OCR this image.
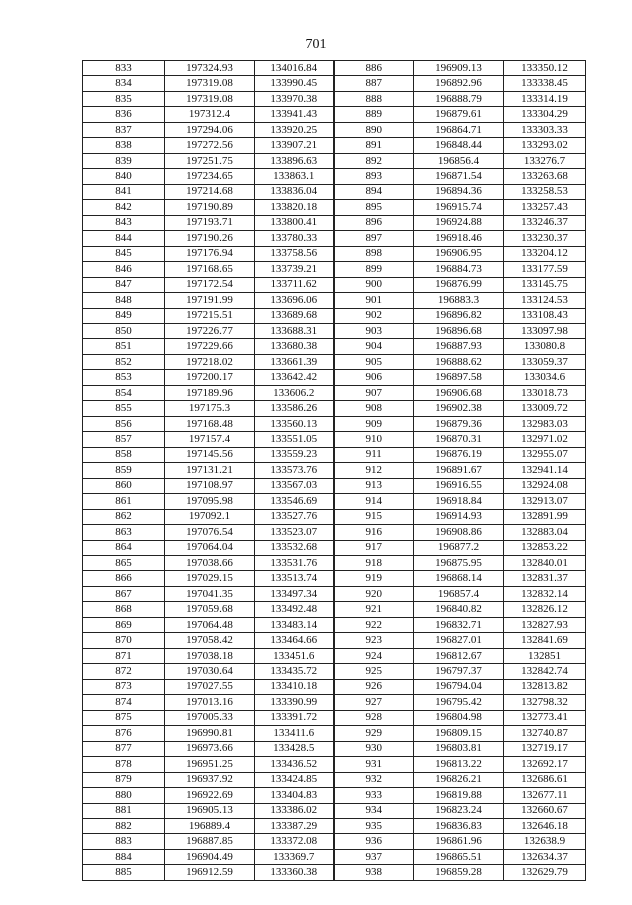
701
833	197324.93	134016.84	886	196909.13	133350.12
834	197319.08	133990.45	887	196892.96	133338.45
835	197319.08	133970.38	888	196888.79	133314.19
836	197312.4	133941.43	889	196879.61	133304.29
837	197294.06	133920.25	890	196864.71	133303.33
838	197272.56	133907.21	891	196848.44	133293.02
839	197251.75	133896.63	892	196856.4	133276.7
840	197234.65	133863.1	893	196871.54	133263.68
841	197214.68	133836.04	894	196894.36	133258.53
842	197190.89	133820.18	895	196915.74	133257.43
843	197193.71	133800.41	896	196924.88	133246.37
844	197190.26	133780.33	897	196918.46	133230.37
845	197176.94	133758.56	898	196906.95	133204.12
846	197168.65	133739.21	899	196884.73	133177.59
847	197172.54	133711.62	900	196876.99	133145.75
848	197191.99	133696.06	901	196883.3	133124.53
849	197215.51	133689.68	902	196896.82	133108.43
850	197226.77	133688.31	903	196896.68	133097.98
851	197229.66	133680.38	904	196887.93	133080.8
852	197218.02	133661.39	905	196888.62	133059.37
853	197200.17	133642.42	906	196897.58	133034.6
854	197189.96	133606.2	907	196906.68	133018.73
855	197175.3	133586.26	908	196902.38	133009.72
856	197168.48	133560.13	909	196879.36	132983.03
857	197157.4	133551.05	910	196870.31	132971.02
858	197145.56	133559.23	911	196876.19	132955.07
859	197131.21	133573.76	912	196891.67	132941.14
860	197108.97	133567.03	913	196916.55	132924.08
861	197095.98	133546.69	914	196918.84	132913.07
862	197092.1	133527.76	915	196914.93	132891.99
863	197076.54	133523.07	916	196908.86	132883.04
864	197064.04	133532.68	917	196877.2	132853.22
865	197038.66	133531.76	918	196875.95	132840.01
866	197029.15	133513.74	919	196868.14	132831.37
867	197041.35	133497.34	920	196857.4	132832.14
868	197059.68	133492.48	921	196840.82	132826.12
869	197064.48	133483.14	922	196832.71	132827.93
870	197058.42	133464.66	923	196827.01	132841.69
871	197038.18	133451.6	924	196812.67	132851
872	197030.64	133435.72	925	196797.37	132842.74
873	197027.55	133410.18	926	196794.04	132813.82
874	197013.16	133390.99	927	196795.42	132798.32
875	197005.33	133391.72	928	196804.98	132773.41
876	196990.81	133411.6	929	196809.15	132740.87
877	196973.66	133428.5	930	196803.81	132719.17
878	196951.25	133436.52	931	196813.22	132692.17
879	196937.92	133424.85	932	196826.21	132686.61
880	196922.69	133404.83	933	196819.88	132677.11
881	196905.13	133386.02	934	196823.24	132660.67
882	196889.4	133387.29	935	196836.83	132646.18
883	196887.85	133372.08	936	196861.96	132638.9
884	196904.49	133369.7	937	196865.51	132634.37
885	196912.59	133360.38	938	196859.28	132629.79
